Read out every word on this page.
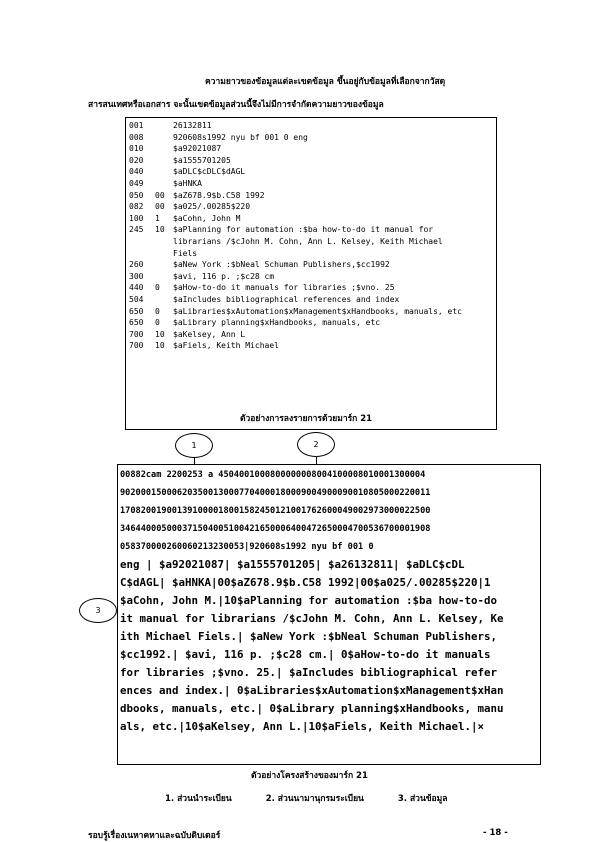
ความยาวของข้อมูลแต่ละเขตข้อมูล ขึ้นอยู่กับข้อมูลที่เลือกจากวัสดุ
สารสนเทศหรือเอกสาร จะนั้นเขตข้อมูลส่วนนี้จึงไม่มีการจำกัดความยาวของข้อมูล
001	26132811
008	920608s1992 nyu bf 001 0 eng
010	$a92021087
020	$a1555701205
040	$aDLC$cDLC$dAGL
049	$aHNKA
050	00	$aZ678.9$b.C58 1992
082	00	$a025/.00285$220
100	1	$aCohn, John M
245	10	$aPlanning for automation :$ba how-to-do it manual for
librarians /$cJohn M. Cohn, Ann L. Kelsey, Keith Michael
Fiels
260	$aNew York :$bNeal Schuman Publishers,$cc1992
300	$avi, 116 p. ;$c28 cm
440	0	$aHow-to-do it manuals for libraries ;$vno. 25
504	$aIncludes bibliographical references and index
650	0	$aLibraries$xAutomation$xManagement$xHandbooks, manuals, etc
650	0	$aLibrary planning$xHandbooks, manuals, etc
700	10	$aKelsey, Ann L
700	10	$aFiels, Keith Michael
ตัวอย่างการลงรายการด้วยมาร์ก 21
1	2
3
00882cam 2200253 a 4504001000800000008004100008010001300004
902000150006203500130007704000180009004900090010805000220011
170820019001391000018001582450121001762600049002973000022500
346440005000371504005100421650006400472650004700536700001908
058370000260060213230053|920608s1992 nyu bf 001 0
eng | $a92021087| $a1555701205| $a26132811| $aDLC$cDL
C$dAGL| $aHNKA|00$aZ678.9$b.C58 1992|00$a025/.00285$220|1
$aCohn, John M.|10$aPlanning for automation :$ba how-to-do
it manual for librarians /$cJohn M. Cohn, Ann L. Kelsey, Ke
ith Michael Fiels.| $aNew York :$bNeal Schuman Publishers,
$cc1992.| $avi, 116 p. ;$c28 cm.| 0$aHow-to-do it manuals
for libraries ;$vno. 25.| $aIncludes bibliographical refer
ences and index.| 0$aLibraries$xAutomation$xManagement$xHan
dbooks, manuals, etc.| 0$aLibrary planning$xHandbooks, manu
als, etc.|10$aKelsey, Ann L.|10$aFiels, Keith Michael.|×
ตัวอย่างโครงสร้างของมาร์ก 21
1. ส่วนนำระเบียน	2. ส่วนนามานุกรมระเบียน	3. ส่วนข้อมูล
รอบรู้เรื่องเนหาคหาและฉบับดิบเดอร์	- 18 -
